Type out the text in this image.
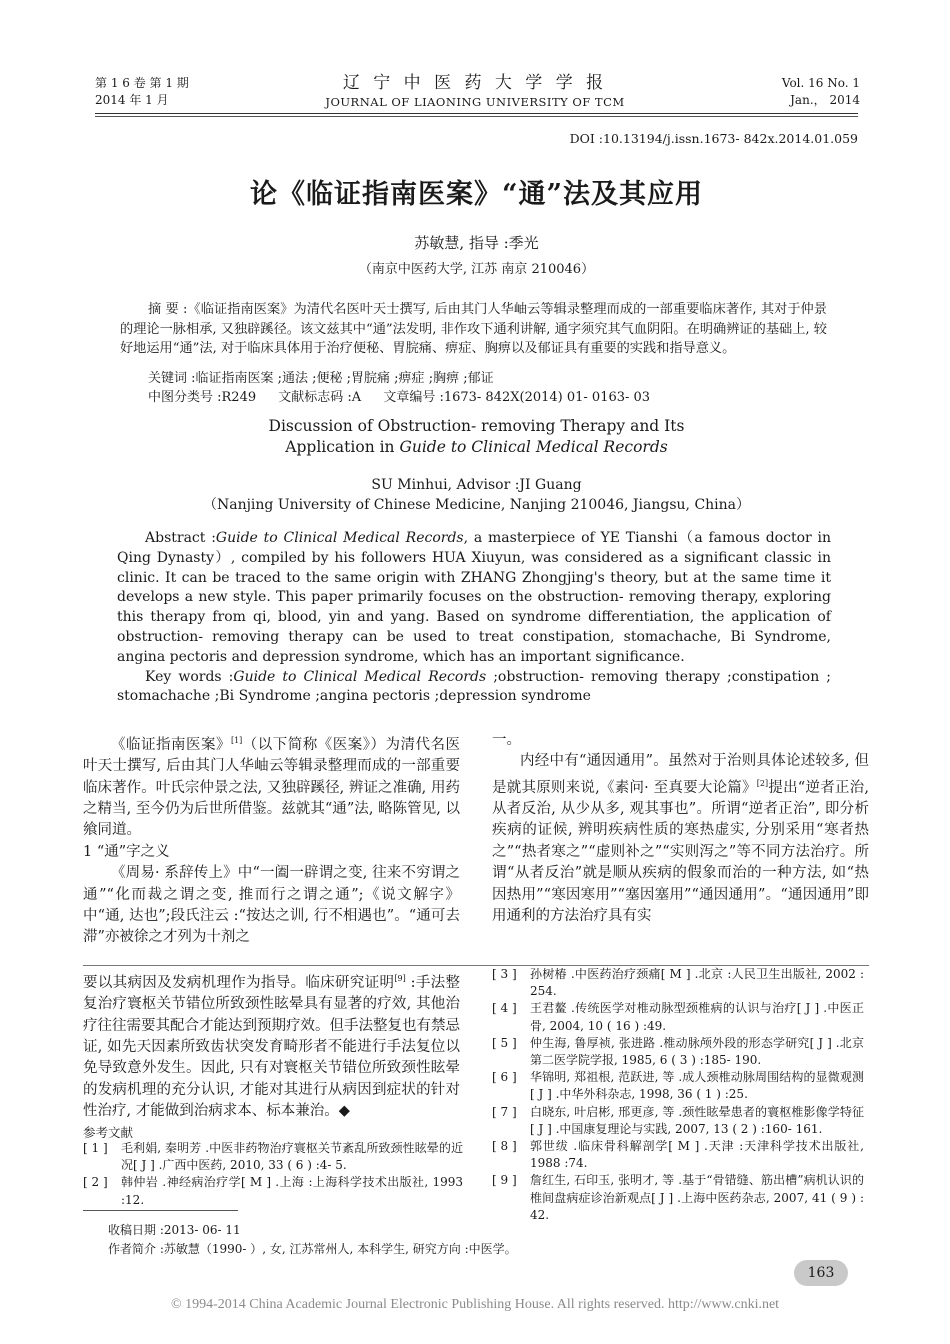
第 1 6 卷 第 1 期
2014 年 1 月
辽 宁 中 医 药 大 学 学 报
JOURNAL OF LIAONING UNIVERSITY OF TCM
Vol. 16 No. 1
Jan.， 2014
DOI :10.13194/j.issn.1673- 842x.2014.01.059
论《临证指南医案》“通”法及其应用
苏敏慧, 指导 :季光
（南京中医药大学, 江苏 南京 210046）
摘 要 :《临证指南医案》为清代名医叶天士撰写, 后由其门人华岫云等辑录整理而成的一部重要临床著作, 其对于仲景的理论一脉相承, 又独辟蹊径。该文兹其中“通”法发明, 非作攻下通利讲解, 通字须究其气血阴阳。在明确辨证的基础上, 较好地运用“通”法, 对于临床具体用于治疗便秘、胃脘痛、痹症、胸痹以及郁证具有重要的实践和指导意义。
关键词 :临证指南医案 ;通法 ;便秘 ;胃脘痛 ;痹症 ;胸痹 ;郁证
中图分类号 :R249 文献标志码 :A 文章编号 :1673- 842X(2014) 01- 0163- 03
Discussion of Obstruction- removing Therapy and Its
Application in Guide to Clinical Medical Records
SU Minhui, Advisor :JI Guang
（Nanjing University of Chinese Medicine, Nanjing 210046, Jiangsu, China）
Abstract :Guide to Clinical Medical Records, a masterpiece of YE Tianshi（a famous doctor in Qing Dynasty）, compiled by his followers HUA Xiuyun, was considered as a significant classic in clinic. It can be traced to the same origin with ZHANG Zhongjing's theory, but at the same time it develops a new style. This paper primarily focuses on the obstruction- removing therapy, exploring this therapy from qi, blood, yin and yang. Based on syndrome differentiation, the application of obstruction- removing therapy can be used to treat constipation, stomachache, Bi Syndrome, angina pectoris and depression syndrome, which has an important significance.
Key words :Guide to Clinical Medical Records ;obstruction- removing therapy ;constipation ; stomachache ;Bi Syndrome ;angina pectoris ;depression syndrome
《临证指南医案》[1]（以下简称《医案》）为清代名医叶天士撰写, 后由其门人华岫云等辑录整理而成的一部重要临床著作。叶氏宗仲景之法, 又独辟蹊径, 辨证之准确, 用药之精当, 至今仍为后世所借鉴。兹就其“通”法, 略陈管见, 以飨同道。
1 “通”字之义
《周易· 系辞传上》中“一阖一辟谓之变, 往来不穷谓之通”“化而裁之谓之变, 推而行之谓之通”;《说文解字》中“通, 达也”;段氏注云 :“按达之训, 行不相遇也”。“通可去滞”亦被徐之才列为十剂之
一。
内经中有“通因通用”。虽然对于治则具体论述较多, 但是就其原则来说,《素问· 至真要大论篇》[2]提出“逆者正治, 从者反治, 从少从多, 观其事也”。所谓“逆者正治”, 即分析疾病的证候, 辨明疾病性质的寒热虚实, 分别采用“寒者热之”“热者寒之”“虚则补之”“实则泻之”等不同方法治疗。所谓“从者反治”就是顺从疾病的假象而治的一种方法, 如“热因热用”“寒因寒用”“塞因塞用”“通因通用”。“通因通用”即用通利的方法治疗具有实
要以其病因及发病机理作为指导。临床研究证明[9] :手法整复治疗寰枢关节错位所致颈性眩晕具有显著的疗效, 其他治疗往往需要其配合才能达到预期疗效。但手法整复也有禁忌证, 如先天因素所致齿状突发育畸形者不能进行手法复位以免导致意外发生。因此, 只有对寰枢关节错位所致颈性眩晕的发病机理的充分认识, 才能对其进行从病因到症状的针对性治疗, 才能做到治病求本、标本兼治。◆
参考文献
[ 1 ]	毛利娟, 秦明芳 .中医非药物治疗寰枢关节紊乱所致颈性眩晕的近况[ J ] .广西中医药, 2010, 33 ( 6 ) :4- 5.
[ 2 ]	韩仲岩 .神经病治疗学[ M ] .上海 :上海科学技术出版社, 1993 :12.
[ 3 ]	孙树椿 .中医药治疗颈痛[ M ] .北京 :人民卫生出版社, 2002 : 254.
[ 4 ]	王君鳌 .传统医学对椎动脉型颈椎病的认识与治疗[ J ] .中医正骨, 2004, 10 ( 16 ) :49.
[ 5 ]	仲生海, 鲁厚祯, 张进路 .椎动脉颅外段的形态学研究[ J ] .北京第二医学院学报, 1985, 6 ( 3 ) :185- 190.
[ 6 ]	华锦明, 郑祖根, 范跃进, 等 .成人颈椎动脉周围结构的显微观测[ J ] .中华外科杂志, 1998, 36 ( 1 ) :25.
[ 7 ]	白晓东, 叶启彬, 邢更彦, 等 .颈性眩晕患者的寰枢椎影像学特征[ J ] .中国康复理论与实践, 2007, 13 ( 2 ) :160- 161.
[ 8 ]	郭世绂 .临床骨科解剖学[ M ] .天津 :天津科学技术出版社, 1988 :74.
[ 9 ]	詹红生, 石印玉, 张明才, 等 .基于“骨错缝、筋出槽”病机认识的椎间盘病症诊治新观点[ J ] .上海中医药杂志, 2007, 41 ( 9 ) : 42.
收稿日期 :2013- 06- 11
作者简介 :苏敏慧（1990- ）, 女, 江苏常州人, 本科学生, 研究方向 :中医学。
163
© 1994-2014 China Academic Journal Electronic Publishing House. All rights reserved. http://www.cnki.net
